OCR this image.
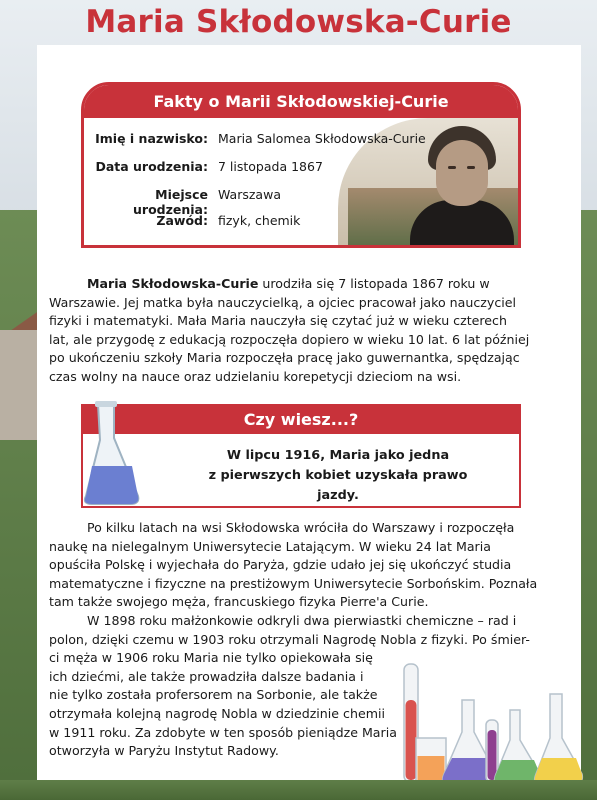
Maria Skłodowska-Curie
Fakty o Marii Skłodowskiej-Curie
Imię i nazwisko: Maria Salomea Skłodowska-Curie
Data urodzenia: 7 listopada 1867
Miejsce urodzenia:
Warszawa
Zawód: fizyk, chemik

Maria Skłodowska-Curie urodziła się 7 listopada 1867 roku w

Warszawie. Jej matka była nauczycielką, a ojciec pracował jako nauczyciel

fizyki i matematyki. Mała Maria nauczyła się czytać już w wieku czterech

lat, ale przygodę z edukacją rozpoczęła dopiero w wieku 10 lat. 6 lat później

po ukończeniu szkoły Maria rozpoczęła pracę jako guwernantka, spędzając

czas wolny na nauce oraz udzielaniu korepetycji dzieciom na wsi.

Czy wiesz...?
W lipcu 1916, Maria jako jedna
z pierwszych kobiet uzyskała prawo jazdy.

Po kilku latach na wsi Skłodowska wróciła do Warszawy i rozpoczęła

naukę na nielegalnym Uniwersytecie Latającym. W wieku 24 lat Maria

opuściła Polskę i wyjechała do Paryża, gdzie udało jej się ukończyć studia

matematyczne i fizyczne na prestiżowym Uniwersytecie Sorbońskim. Poznała

tam także swojego męża, francuskiego fizyka Pierre'a Curie.

W 1898 roku małżonkowie odkryli dwa pierwiastki chemiczne – rad i

polon, dzięki czemu w 1903 roku otrzymali Nagrodę Nobla z fizyki. Po śmier-

ci męża w 1906 roku Maria nie tylko opiekowała się

ich dziećmi, ale także prowadziła dalsze badania i

nie tylko została profersorem na Sorbonie, ale także

otrzymała kolejną nagrodę Nobla w dziedzinie chemii

w 1911 roku. Za zdobyte w ten sposób pieniądze Maria

otworzyła w Paryżu Instytut Radowy.
